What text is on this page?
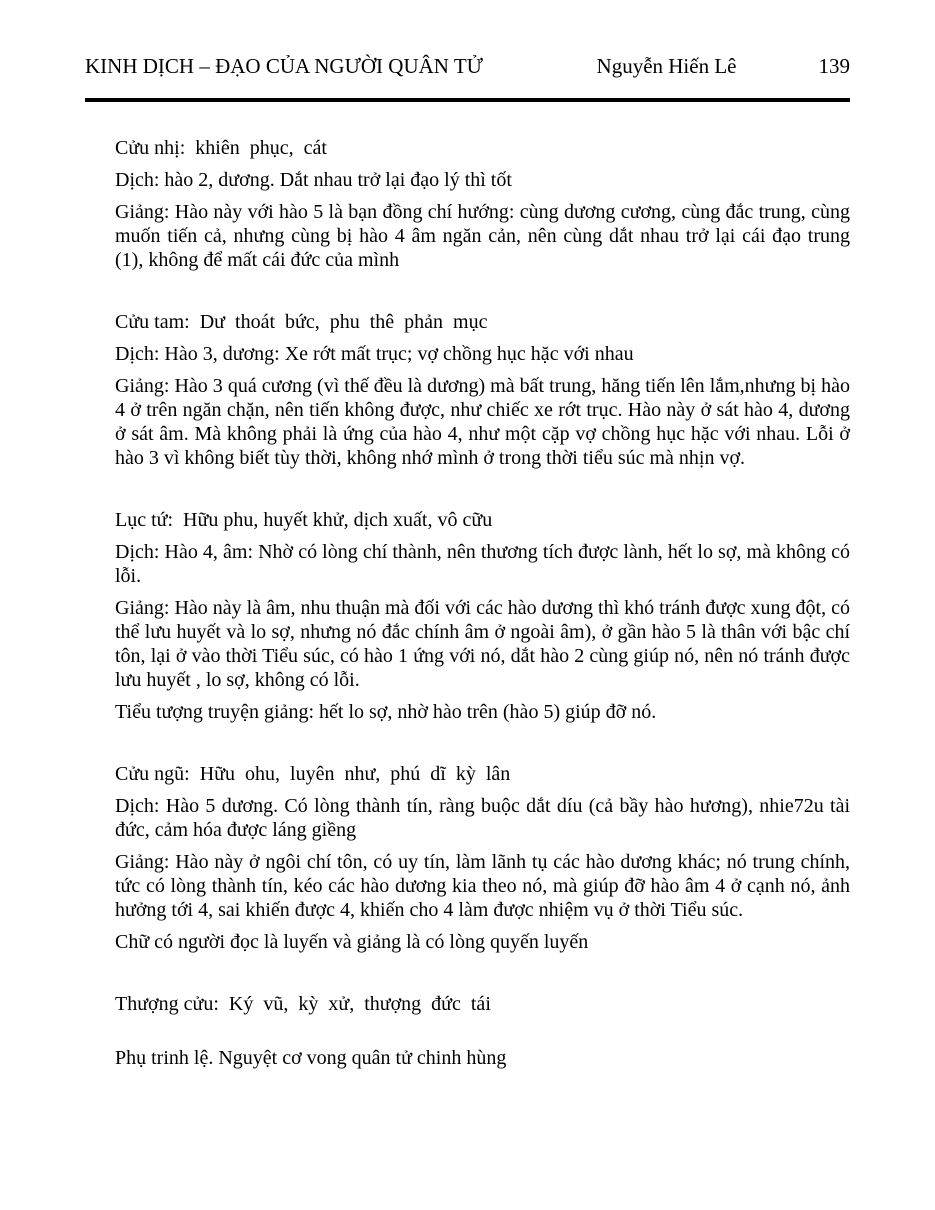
KINH DỊCH – ĐẠO CỦA NGƯỜI QUÂN TỬ	Nguyễn Hiến Lê	139

Cửu nhị:  khiên  phục,  cát

Dịch: hào 2, dương. Dắt nhau trở lại đạo lý thì tốt

Giảng: Hào này với hào 5 là bạn đồng chí hướng: cùng dương cương, cùng đắc trung, cùng muốn tiến cả, nhưng cùng bị hào 4 âm ngăn cản, nên cùng dắt nhau trở lại cái đạo trung (1), không để mất cái đức của mình

Cửu tam:  Dư  thoát  bức,  phu  thê  phản  mục

Dịch: Hào 3, dương: Xe rớt mất trục; vợ chồng hục hặc với nhau

Giảng: Hào 3 quá cương (vì thế đều là dương) mà bất trung, hăng tiến lên lắm,nhưng bị hào 4 ở trên ngăn chặn, nên tiến không được, như chiếc xe rớt trục. Hào này ở sát hào 4, dương ở sát âm. Mà không phải là ứng của hào 4, như một cặp vợ chồng hục hặc với nhau. Lỗi ở hào 3 vì không biết tùy thời, không nhớ mình ở trong thời tiểu súc mà nhịn vợ.

Lục tứ:  Hữu phu, huyết khử, dịch xuất, vô cữu

Dịch: Hào 4, âm: Nhờ có lòng chí thành, nên thương tích được lành, hết lo sợ, mà không có lỗi.

Giảng: Hào này là âm, nhu thuận mà đối với các hào dương thì khó tránh được xung đột, có thể lưu huyết và lo sợ, nhưng nó đắc chính âm ở ngoài âm), ở gần hào 5 là thân với bậc chí tôn, lại ở vào thời Tiểu súc, có hào 1 ứng với nó, dắt hào 2 cùng giúp nó, nên nó tránh được lưu huyết , lo sợ, không có lỗi.

Tiểu tượng truyện giảng: hết lo sợ, nhờ hào trên (hào 5) giúp đỡ nó.

Cửu ngũ:  Hữu  ohu,  luyên  như,  phú  dĩ  kỳ  lân

Dịch: Hào 5 dương. Có lòng thành tín, ràng buộc dắt díu (cả bầy hào hương), nhie72u tài đức, cảm hóa được láng giềng

Giảng: Hào này ở ngôi chí tôn, có uy tín, làm lãnh tụ các hào dương khác; nó trung chính, tức có lòng thành tín, kéo các hào dương kia theo nó, mà giúp đỡ hào âm 4 ở cạnh nó, ảnh hưởng tới 4, sai khiến được 4, khiến cho 4 làm được nhiệm vụ ở thời Tiểu súc.

Chữ có người đọc là luyến và giảng là có lòng quyến luyến

Thượng cửu:  Ký  vũ,  kỳ  xử,  thượng  đức  tái

Phụ trinh lệ. Nguyệt cơ vong quân tử chinh hùng
